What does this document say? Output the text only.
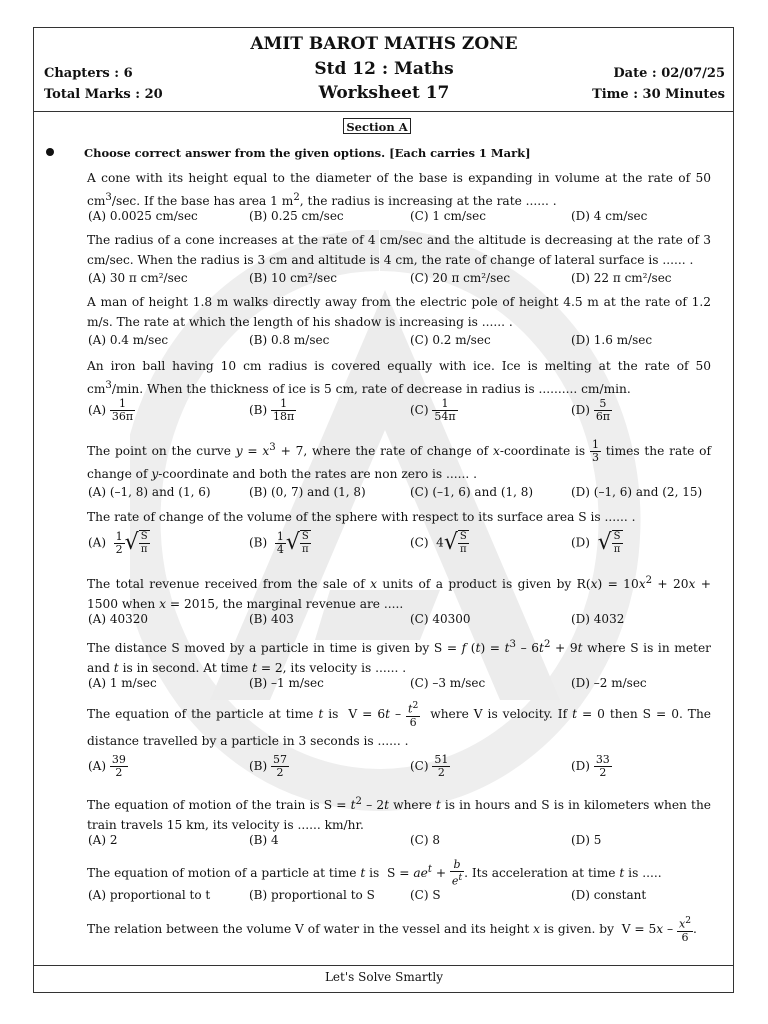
AMIT BAROT MATHS ZONE
Std 12 : Maths
Worksheet 17
Chapters : 6
Total Marks : 20
Date : 02/07/25
Time : 30 Minutes
Section A
Choose correct answer from the given options. [Each carries 1 Mark]
A cone with its height equal to the diameter of the base is expanding in volume at the rate of 50 $cm^3/\sec$. If the base has area 1 $m^2$, the radius is increasing at the rate ...... .
(A) 0.0025 cm/sec	(B) 0.25 cm/sec	(C) 1 cm/sec	(D) 4 cm/sec
The radius of a cone increases at the rate of 4 cm/sec and the altitude is decreasing at the rate of 3 cm/sec. When the radius is 3 cm and altitude is 4 cm, the rate of change of lateral surface is ...... .
(A) 30 π cm²/sec	(B) 10 cm²/sec	(C) 20 π cm²/sec	(D) 22 π cm²/sec
A man of height 1.8 m walks directly away from the electric pole of height 4.5 m at the rate of 1.2 m/s. The rate at which the length of his shadow is increasing is ...... .
(A) 0.4 m/sec	(B) 0.8 m/sec	(C) 0.2 m/sec	(D) 1.6 m/sec
An iron ball having 10 cm radius is covered equally with ice. Ice is melting at the rate of 50 $cm^3/\min$. When the thickness of ice is 5 cm, rate of decrease in radius is .......... cm/min.
$(A) \frac{1}{36\pi}$	$(B) \frac{1}{18\pi}$	$(C) \frac{1}{54\pi}$	$(D) \frac{5}{6\pi}$
The point on the curve $y = x^3 + 7$, where the rate of change of x-coordinate is $\frac{1}{3}$ times the rate of change of y-coordinate and both the rates are non zero is ...... .
(A) (–1, 8) and (1, 6)	(B) (0, 7) and (1, 8)	(C) (–1, 6) and (1, 8)	(D) (–1, 6) and (2, 15)
The rate of change of the volume of the sphere with respect to its surface area S is ...... .
$(A) \frac{1}{2}$ √ $\frac{S}{\pi}$	$(B) \frac{1}{4}$ √ $\frac{S}{\pi}$	(C)  $4√ \frac{S}{\pi}$	(D)  √ $\frac{S}{\pi}$
The total revenue received from the sale of x units of a product is given by $R(x) = 10x^2 + 20x + 1500$ when x = 2015, the marginal revenue are .....
(A) 40320	(B) 403	(C) 40300	(D) 4032
The distance S moved by a particle in time is given by S = f $(t) = t^3 - 6t^2 + 9t$ where S is in meter and t is in second. At time t = 2, its velocity is ...... .
(A) 1 m/sec	(B) –1 m/sec	(C) –3 m/sec	(D) –2 m/sec
The equation of the particle at time t is  $V = 6t - \frac{t^2}{6}$ where V is velocity. If t = 0 then S = 0. The distance travelled by a particle in 3 seconds is ...... .
$(A) \frac{39}{2}$	$(B) \frac{57}{2}$	$(C) \frac{51}{2}$	$(D) \frac{33}{2}$
The equation of motion of the train is $S = t^2 - 2t$ where t is in hours and S is in kilometers when the train travels 15 km, its velocity is ...... km/hr.
(A) 2	(B) 4	(C) 8	(D) 5
The equation of motion of a particle at time t is  $S = ae^t + \frac{b}{e^t}$ . Its acceleration at time t is .....
(A) proportional to t	(B) proportional to S	(C) S	(D) constant
The relation between the volume V of water in the vessel and its height x is given. by  $V = 5x - \frac{x^2}{6}$ .
Let's Solve Smartly
